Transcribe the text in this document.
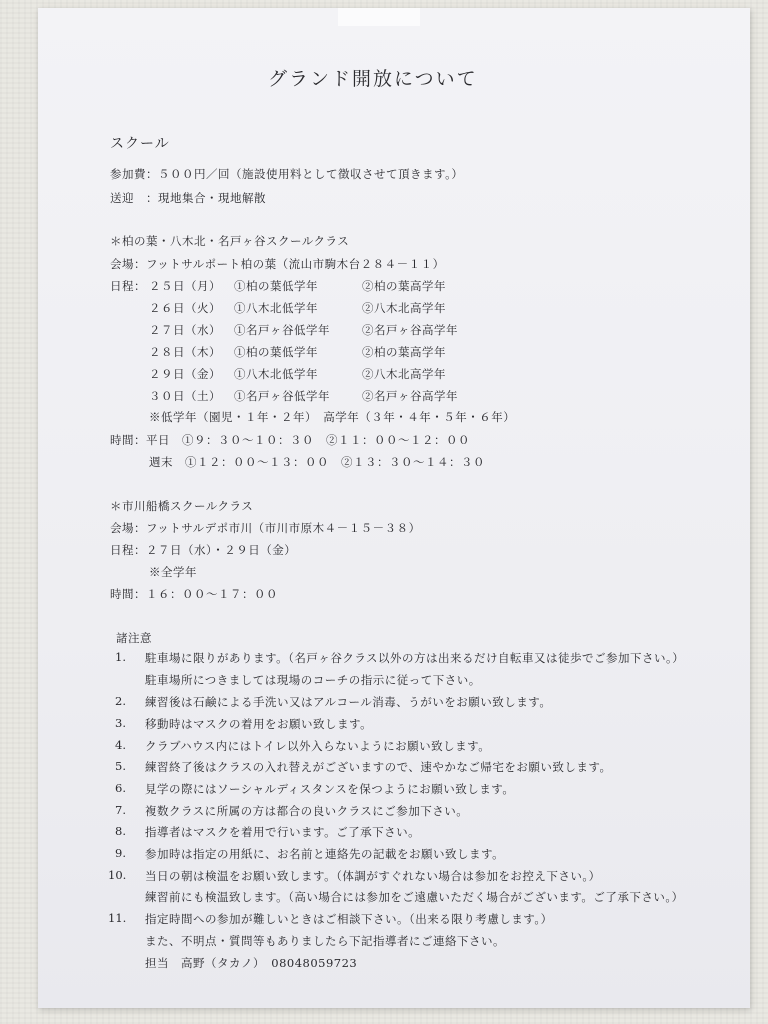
グランド開放について
スクール
参加費：５００円／回（施設使用料として徴収させて頂きます。）
送迎　：現地集合・現地解散
＊柏の葉・八木北・名戸ヶ谷スクールクラス
会場：フットサルポート柏の葉（流山市駒木台２８４－１１）
日程： ２５日（月） ①柏の葉低学年	②柏の葉高学年
２６日（火） ①八木北低学年	②八木北高学年
２７日（水） ①名戸ヶ谷低学年	②名戸ヶ谷高学年
２８日（木） ①柏の葉低学年	②柏の葉高学年
２９日（金） ①八木北低学年	②八木北高学年
３０日（土） ①名戸ヶ谷低学年	②名戸ヶ谷高学年
※低学年（園児・１年・２年）　高学年（３年・４年・５年・６年）
時間：平日　①９：３０～１０：３０　②１１：００～１２：００
週末　①１２：００～１３：００　②１３：３０～１４：３０
＊市川船橋スクールクラス
会場：フットサルデポ市川（市川市原木４－１５－３８）
日程：２７日（水）・２９日（金）
※全学年
時間：１６：００～１７：００
諸注意
1. 駐車場に限りがあります。（名戸ヶ谷クラス以外の方は出来るだけ自転車又は徒歩でご参加下さい。）
駐車場所につきましては現場のコーチの指示に従って下さい。
2. 練習後は石鹸による手洗い又はアルコール消毒、うがいをお願い致します。
3. 移動時はマスクの着用をお願い致します。
4. クラブハウス内にはトイレ以外入らないようにお願い致します。
5. 練習終了後はクラスの入れ替えがございますので、速やかなご帰宅をお願い致します。
6. 見学の際にはソーシャルディスタンスを保つようにお願い致します。
7. 複数クラスに所属の方は都合の良いクラスにご参加下さい。
8. 指導者はマスクを着用で行います。ご了承下さい。
9. 参加時は指定の用紙に、お名前と連絡先の記載をお願い致します。
10. 当日の朝は検温をお願い致します。（体調がすぐれない場合は参加をお控え下さい。）
練習前にも検温致します。（高い場合には参加をご遠慮いただく場合がございます。ご了承下さい。）
11. 指定時間への参加が難しいときはご相談下さい。（出来る限り考慮します。）
また、不明点・質問等もありましたら下記指導者にご連絡下さい。
担当　高野（タカノ）　08048059723
